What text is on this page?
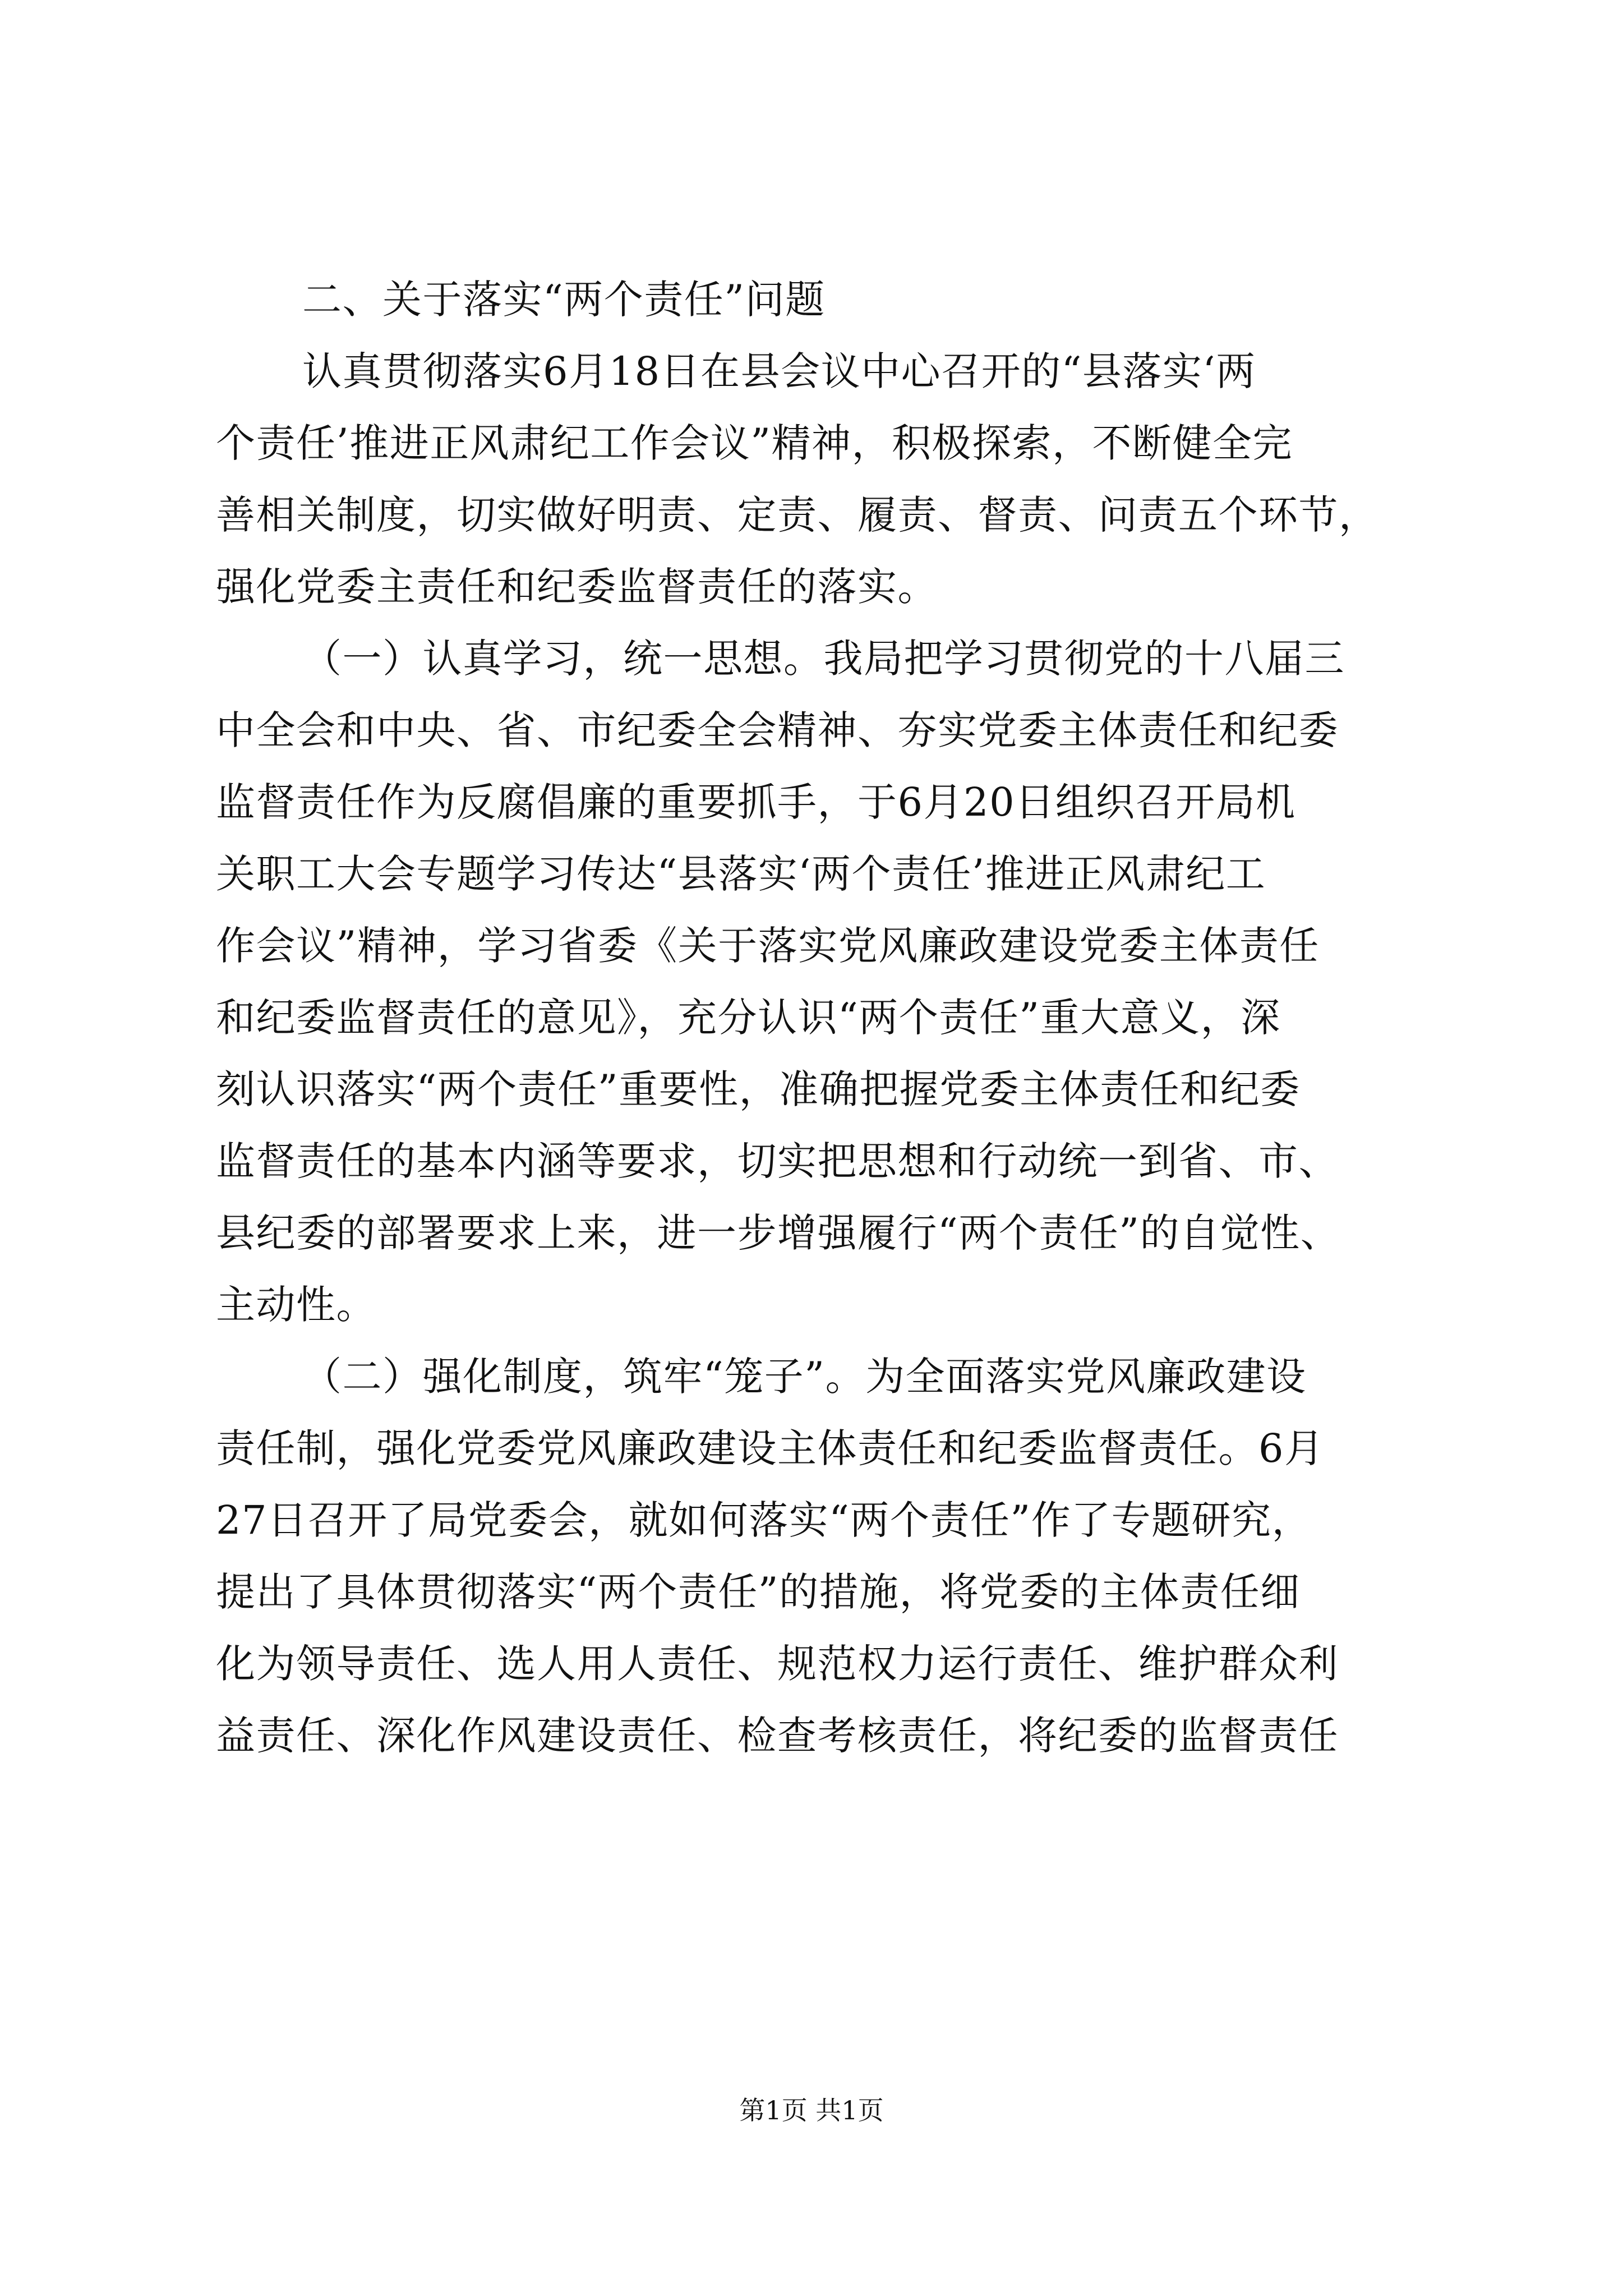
二、关于落实“两个责任”问题
认真贯彻落实6月18日在县会议中心召开的“县落实‘两
个责任’推进正风肃纪工作会议”精神，积极探索，不断健全完
善相关制度，切实做好明责、定责、履责、督责、问责五个环节，
强化党委主责任和纪委监督责任的落实。
（一）认真学习，统一思想。我局把学习贯彻党的十八届三
中全会和中央、省、市纪委全会精神、夯实党委主体责任和纪委
监督责任作为反腐倡廉的重要抓手，于6月20日组织召开局机
关职工大会专题学习传达“县落实‘两个责任’推进正风肃纪工
作会议”精神，学习省委《关于落实党风廉政建设党委主体责任
和纪委监督责任的意见》，充分认识“两个责任”重大意义，深
刻认识落实“两个责任”重要性，准确把握党委主体责任和纪委
监督责任的基本内涵等要求，切实把思想和行动统一到省、市、
县纪委的部署要求上来，进一步增强履行“两个责任”的自觉性、
主动性。
（二）强化制度，筑牢“笼子”。为全面落实党风廉政建设
责任制，强化党委党风廉政建设主体责任和纪委监督责任。6月
27日召开了局党委会，就如何落实“两个责任”作了专题研究，
提出了具体贯彻落实“两个责任”的措施，将党委的主体责任细
化为领导责任、选人用人责任、规范权力运行责任、维护群众利
益责任、深化作风建设责任、检查考核责任，将纪委的监督责任
第1页 共1页
